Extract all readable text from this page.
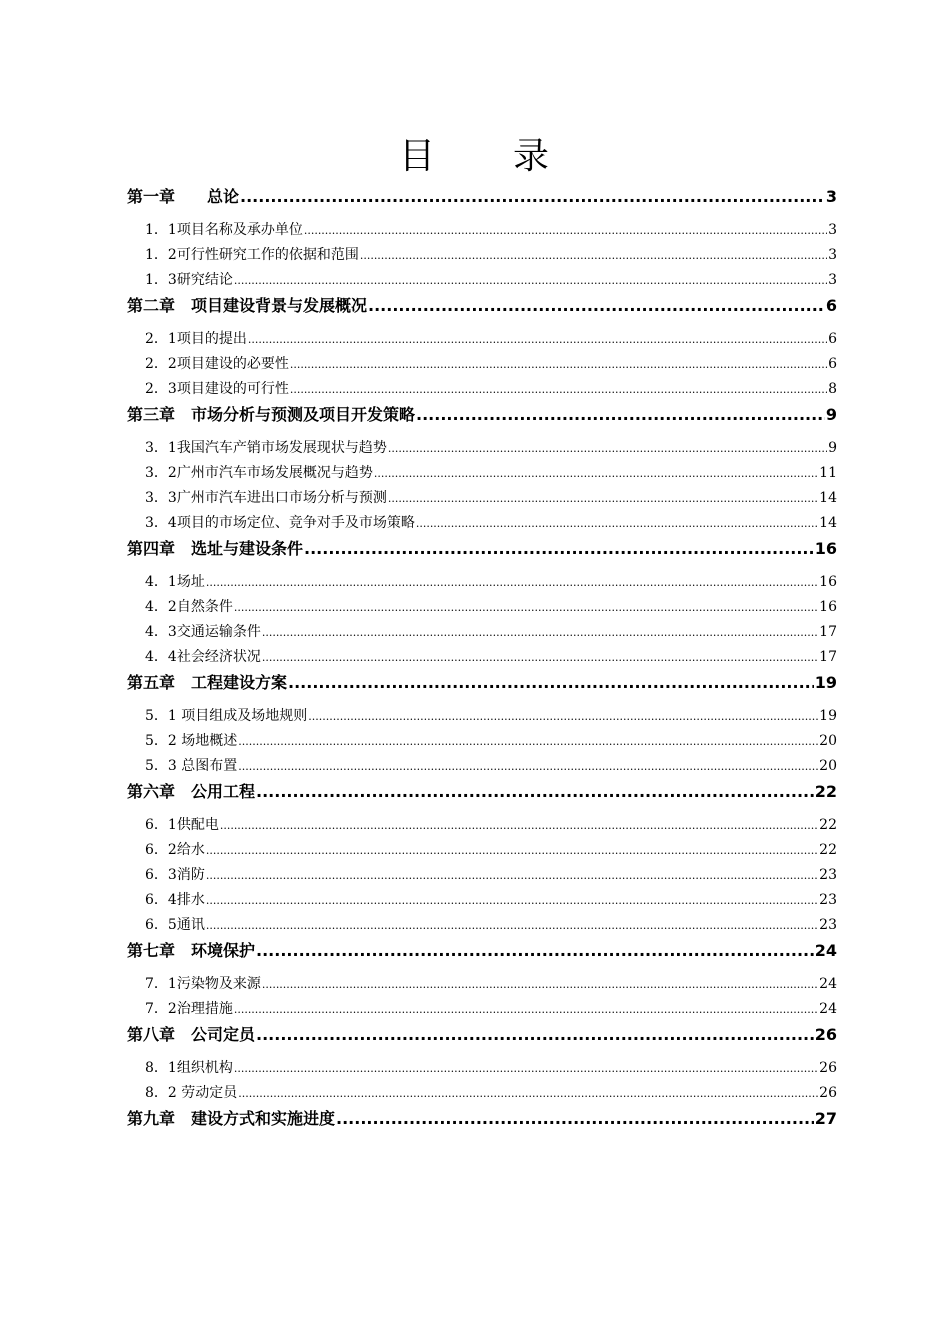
目　　录
第一章　　总论 .....	3
1．1项目名称及承办单位 .....	3
1．2可行性研究工作的依据和范围 .....	3
1．3研究结论 .....	3
第二章　项目建设背景与发展概况 .....	6
2．1项目的提出 .....	6
2．2项目建设的必要性 .....	6
2．3项目建设的可行性 .....	8
第三章　市场分析与预测及项目开发策略 .....	9
3．1我国汽车产销市场发展现状与趋势 .....	9
3．2广州市汽车市场发展概况与趋势 .....	11
3．3广州市汽车进出口市场分析与预测 .....	14
3．4项目的市场定位、竞争对手及市场策略 .....	14
第四章　选址与建设条件 .....	16
4．1场址 .....	16
4．2自然条件 .....	16
4．3交通运输条件 .....	17
4．4社会经济状况 .....	17
第五章　工程建设方案 .....	19
5．1 项目组成及场地规则 .....	19
5．2 场地概述 .....	20
5．3 总图布置 .....	20
第六章　公用工程 .....	22
6．1供配电 .....	22
6．2给水 .....	22
6．3消防 .....	23
6．4排水 .....	23
6．5通讯 .....	23
第七章　环境保护 .....	24
7．1污染物及来源 .....	24
7．2治理措施 .....	24
第八章　公司定员 .....	26
8．1组织机构 .....	26
8．2 劳动定员 .....	26
第九章　建设方式和实施进度 .....	27
